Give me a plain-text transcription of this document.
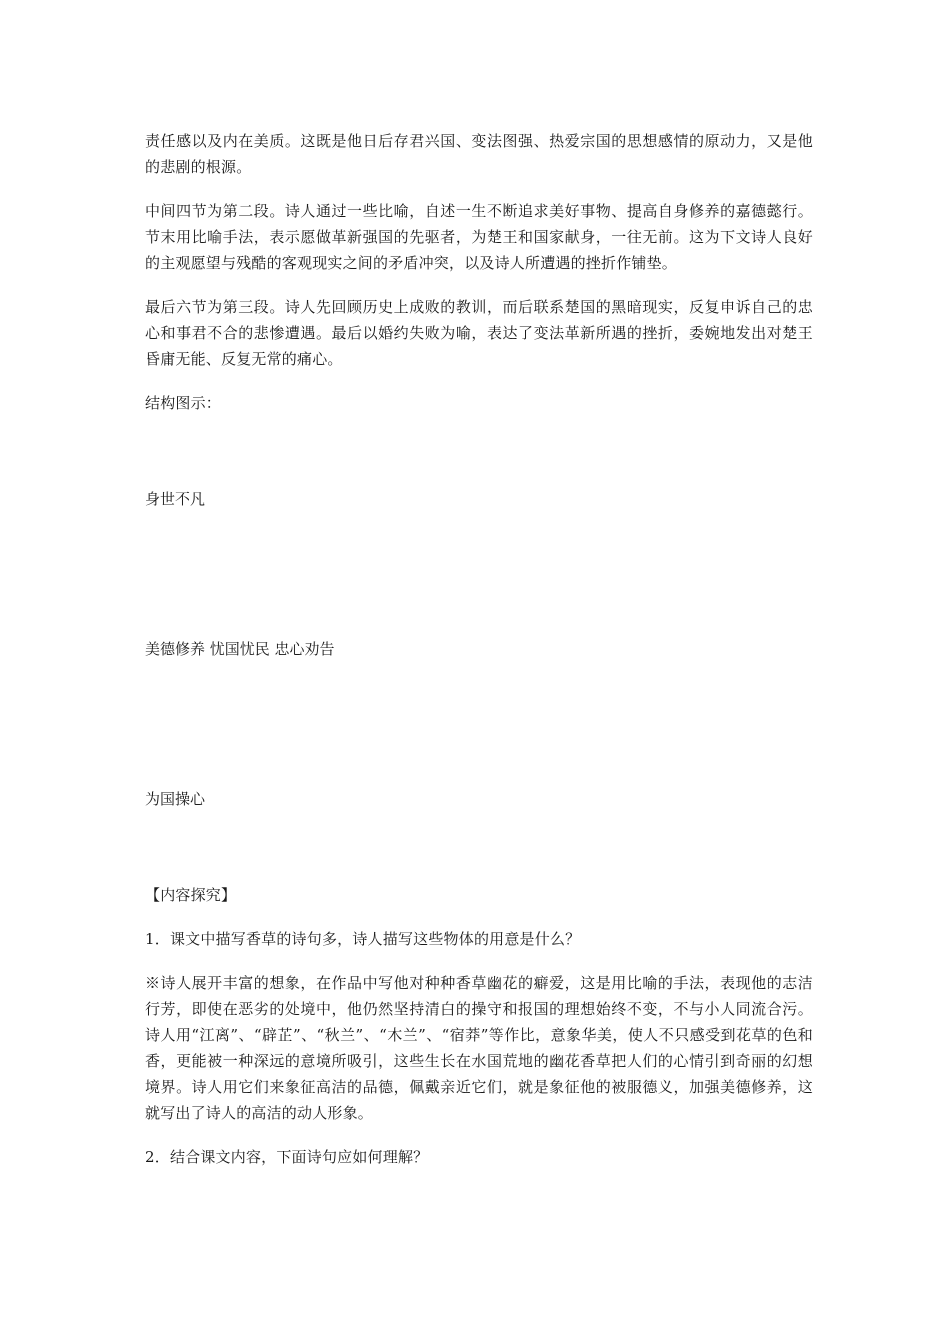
责任感以及内在美质。这既是他日后存君兴国、变法图强、热爱宗国的思想感情的原动力，又是他的悲剧的根源。

中间四节为第二段。诗人通过一些比喻，自述一生不断追求美好事物、提高自身修养的嘉德懿行。节末用比喻手法，表示愿做革新强国的先驱者，为楚王和国家献身，一往无前。这为下文诗人良好的主观愿望与残酷的客观现实之间的矛盾冲突，以及诗人所遭遇的挫折作铺垫。

最后六节为第三段。诗人先回顾历史上成败的教训，而后联系楚国的黑暗现实，反复申诉自己的忠心和事君不合的悲惨遭遇。最后以婚约失败为喻，表达了变法革新所遇的挫折，委婉地发出对楚王昏庸无能、反复无常的痛心。

结构图示：

身世不凡

美德修养 忧国忧民 忠心劝告

为国操心

【内容探究】

1．课文中描写香草的诗句多，诗人描写这些物体的用意是什么？

※诗人展开丰富的想象，在作品中写他对种种香草幽花的癖爱，这是用比喻的手法，表现他的志洁行芳，即使在恶劣的处境中，他仍然坚持清白的操守和报国的理想始终不变，不与小人同流合污。诗人用“江离”、“辟芷”、“秋兰”、“木兰”、“宿莽”等作比，意象华美，使人不只感受到花草的色和香，更能被一种深远的意境所吸引，这些生长在水国荒地的幽花香草把人们的心情引到奇丽的幻想境界。诗人用它们来象征高洁的品德，佩戴亲近它们，就是象征他的被服德义，加强美德修养，这就写出了诗人的高洁的动人形象。

2．结合课文内容，下面诗句应如何理解？
